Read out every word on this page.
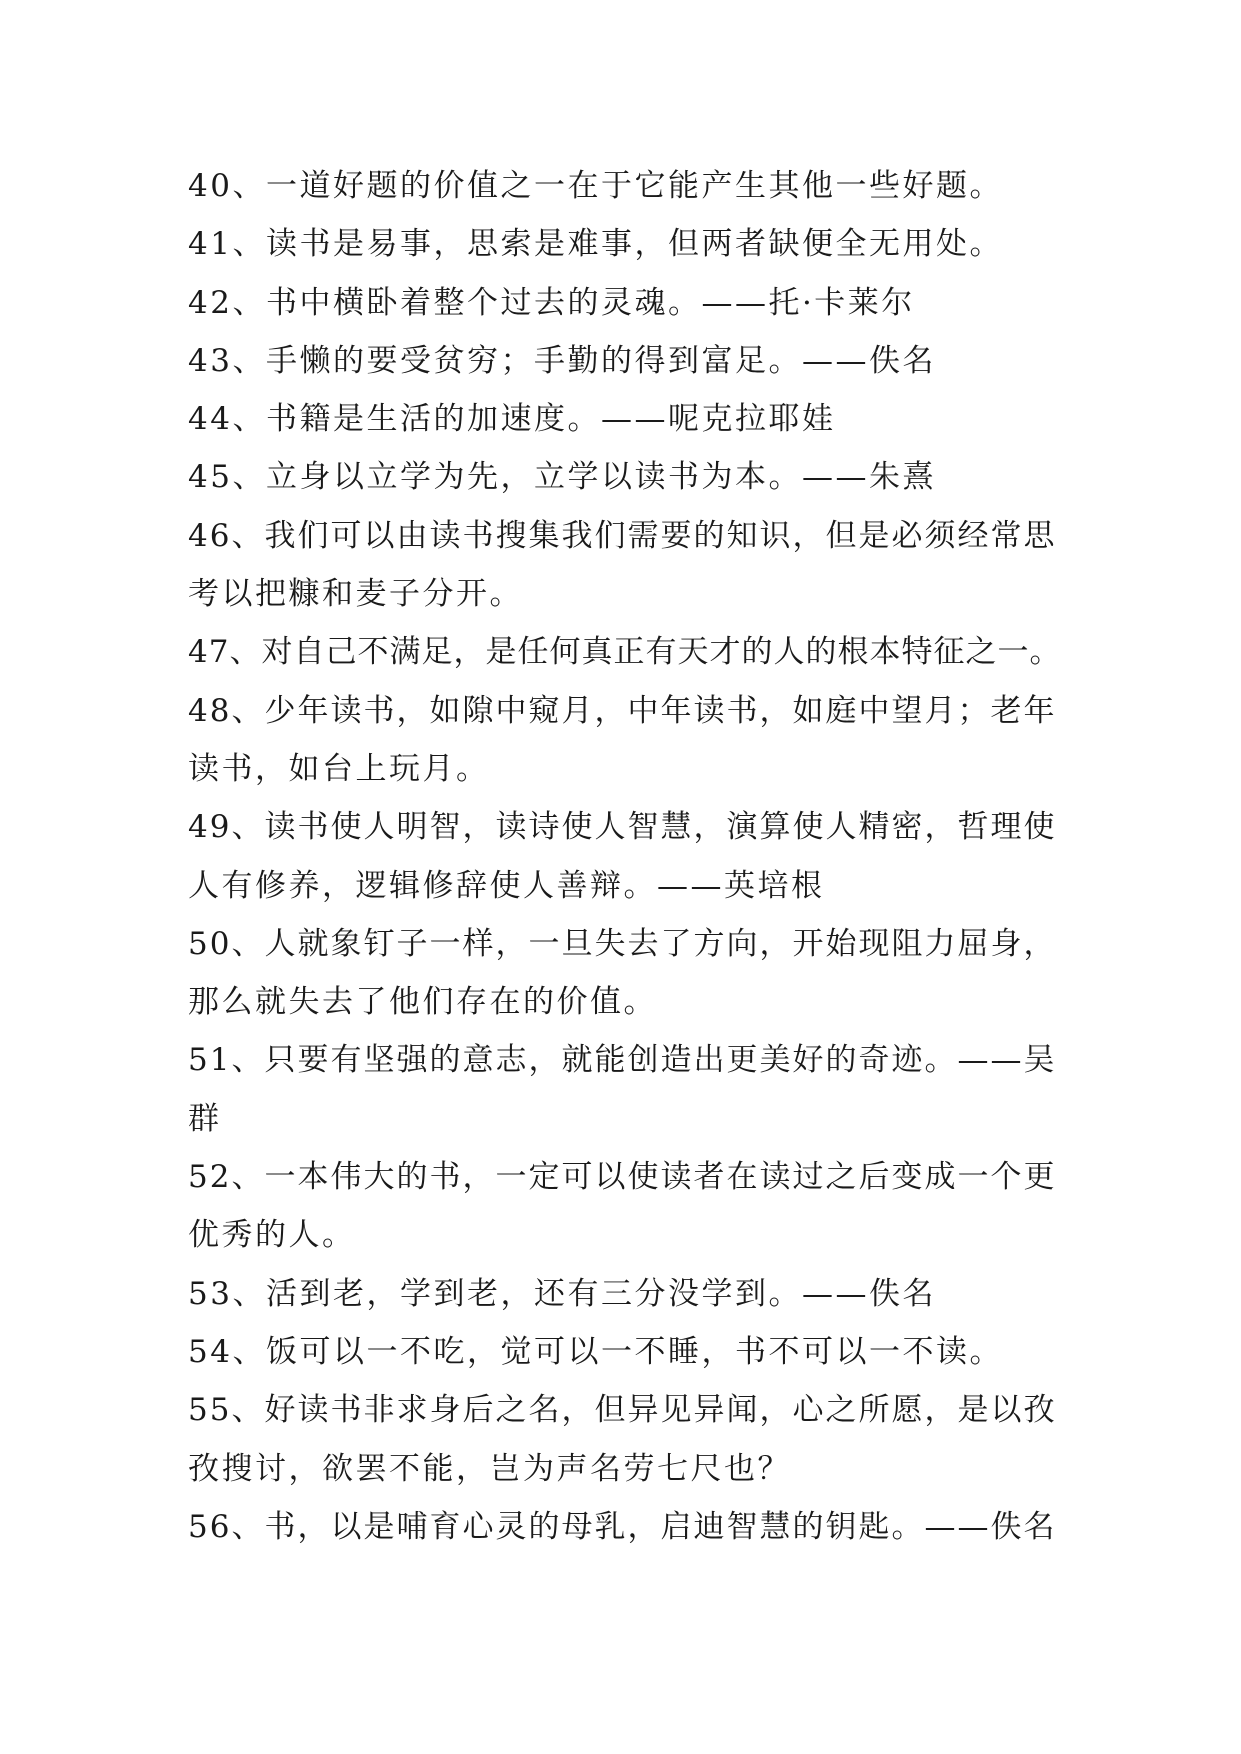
40、一道好题的价值之一在于它能产生其他一些好题。
41、读书是易事，思索是难事，但两者缺便全无用处。
42、书中横卧着整个过去的灵魂。——托·卡莱尔
43、手懒的要受贫穷；手勤的得到富足。——佚名
44、书籍是生活的加速度。——呢克拉耶娃
45、立身以立学为先，立学以读书为本。——朱熹
46、我们可以由读书搜集我们需要的知识，但是必须经常思
考以把糠和麦子分开。
47、对自己不满足，是任何真正有天才的人的根本特征之一。
48、少年读书，如隙中窥月，中年读书，如庭中望月；老年
读书，如台上玩月。
49、读书使人明智，读诗使人智慧，演算使人精密，哲理使
人有修养，逻辑修辞使人善辩。——英培根
50、人就象钉子一样，一旦失去了方向，开始现阻力屈身，
那么就失去了他们存在的价值。
51、只要有坚强的意志，就能创造出更美好的奇迹。——吴
群
52、一本伟大的书，一定可以使读者在读过之后变成一个更
优秀的人。
53、活到老，学到老，还有三分没学到。——佚名
54、饭可以一不吃，觉可以一不睡，书不可以一不读。
55、好读书非求身后之名，但异见异闻，心之所愿，是以孜
孜搜讨，欲罢不能，岂为声名劳七尺也？
56、书，以是哺育心灵的母乳，启迪智慧的钥匙。——佚名
